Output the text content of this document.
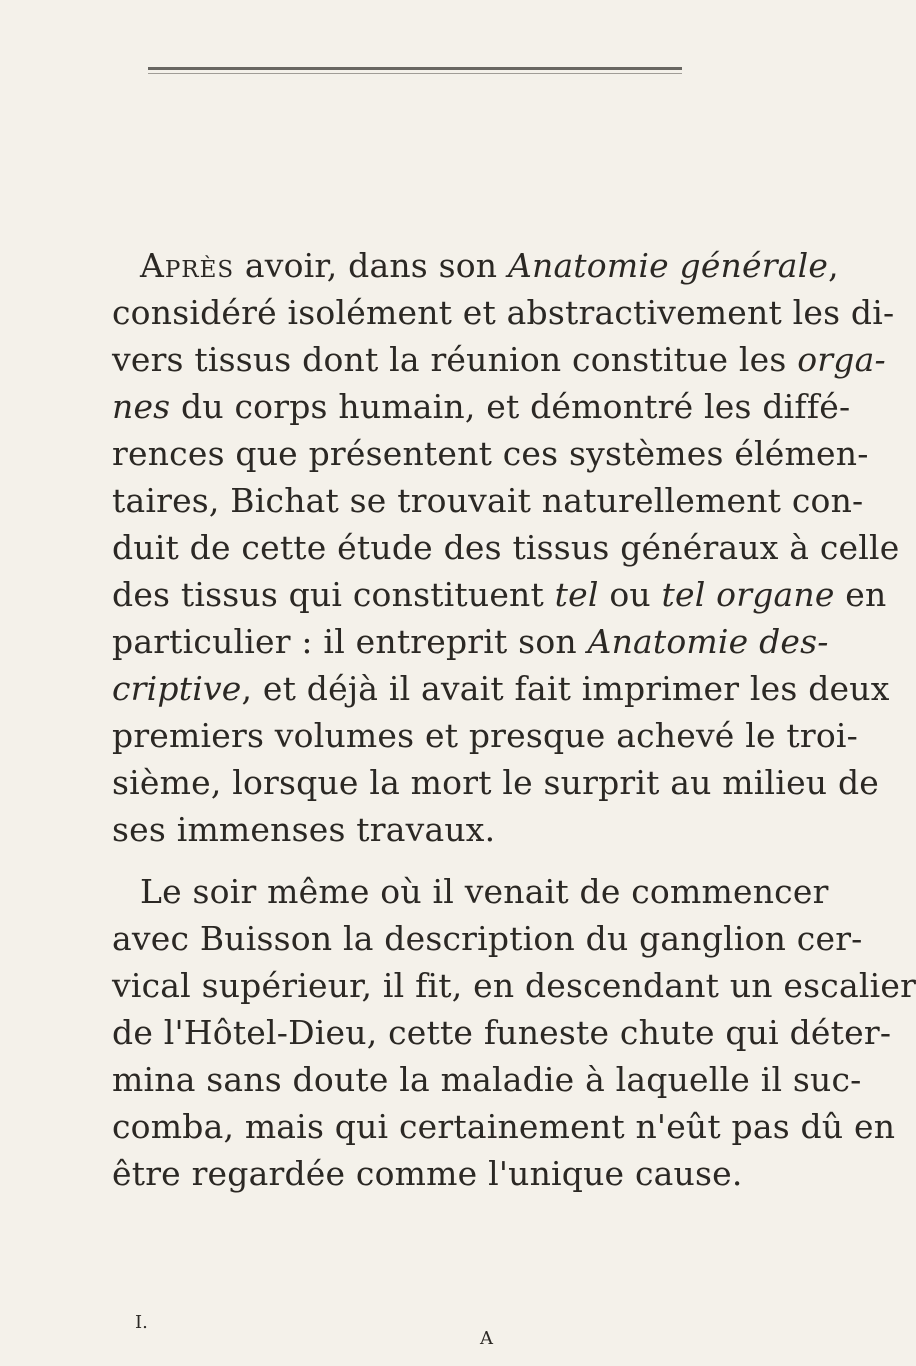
Après avoir, dans son Anatomie générale,
considéré isolément et abstractivement les di-
vers tissus dont la réunion constitue les orga-
nes du corps humain, et démontré les diffé-
rences que présentent ces systèmes élémen-
taires, Bichat se trouvait naturellement con-
duit de cette étude des tissus généraux à celle
des tissus qui constituent tel ou tel organe en
particulier : il entreprit son Anatomie des-
criptive, et déjà il avait fait imprimer les deux
premiers volumes et presque achevé le troi-
sième, lorsque la mort le surprit au milieu de
ses immenses travaux.
Le soir même où il venait de commencer
avec Buisson la description du ganglion cer-
vical supérieur, il fit, en descendant un escalier
de l'Hôtel-Dieu, cette funeste chute qui déter-
mina sans doute la maladie à laquelle il suc-
comba, mais qui certainement n'eût pas dû en
être regardée comme l'unique cause.
I.
A
